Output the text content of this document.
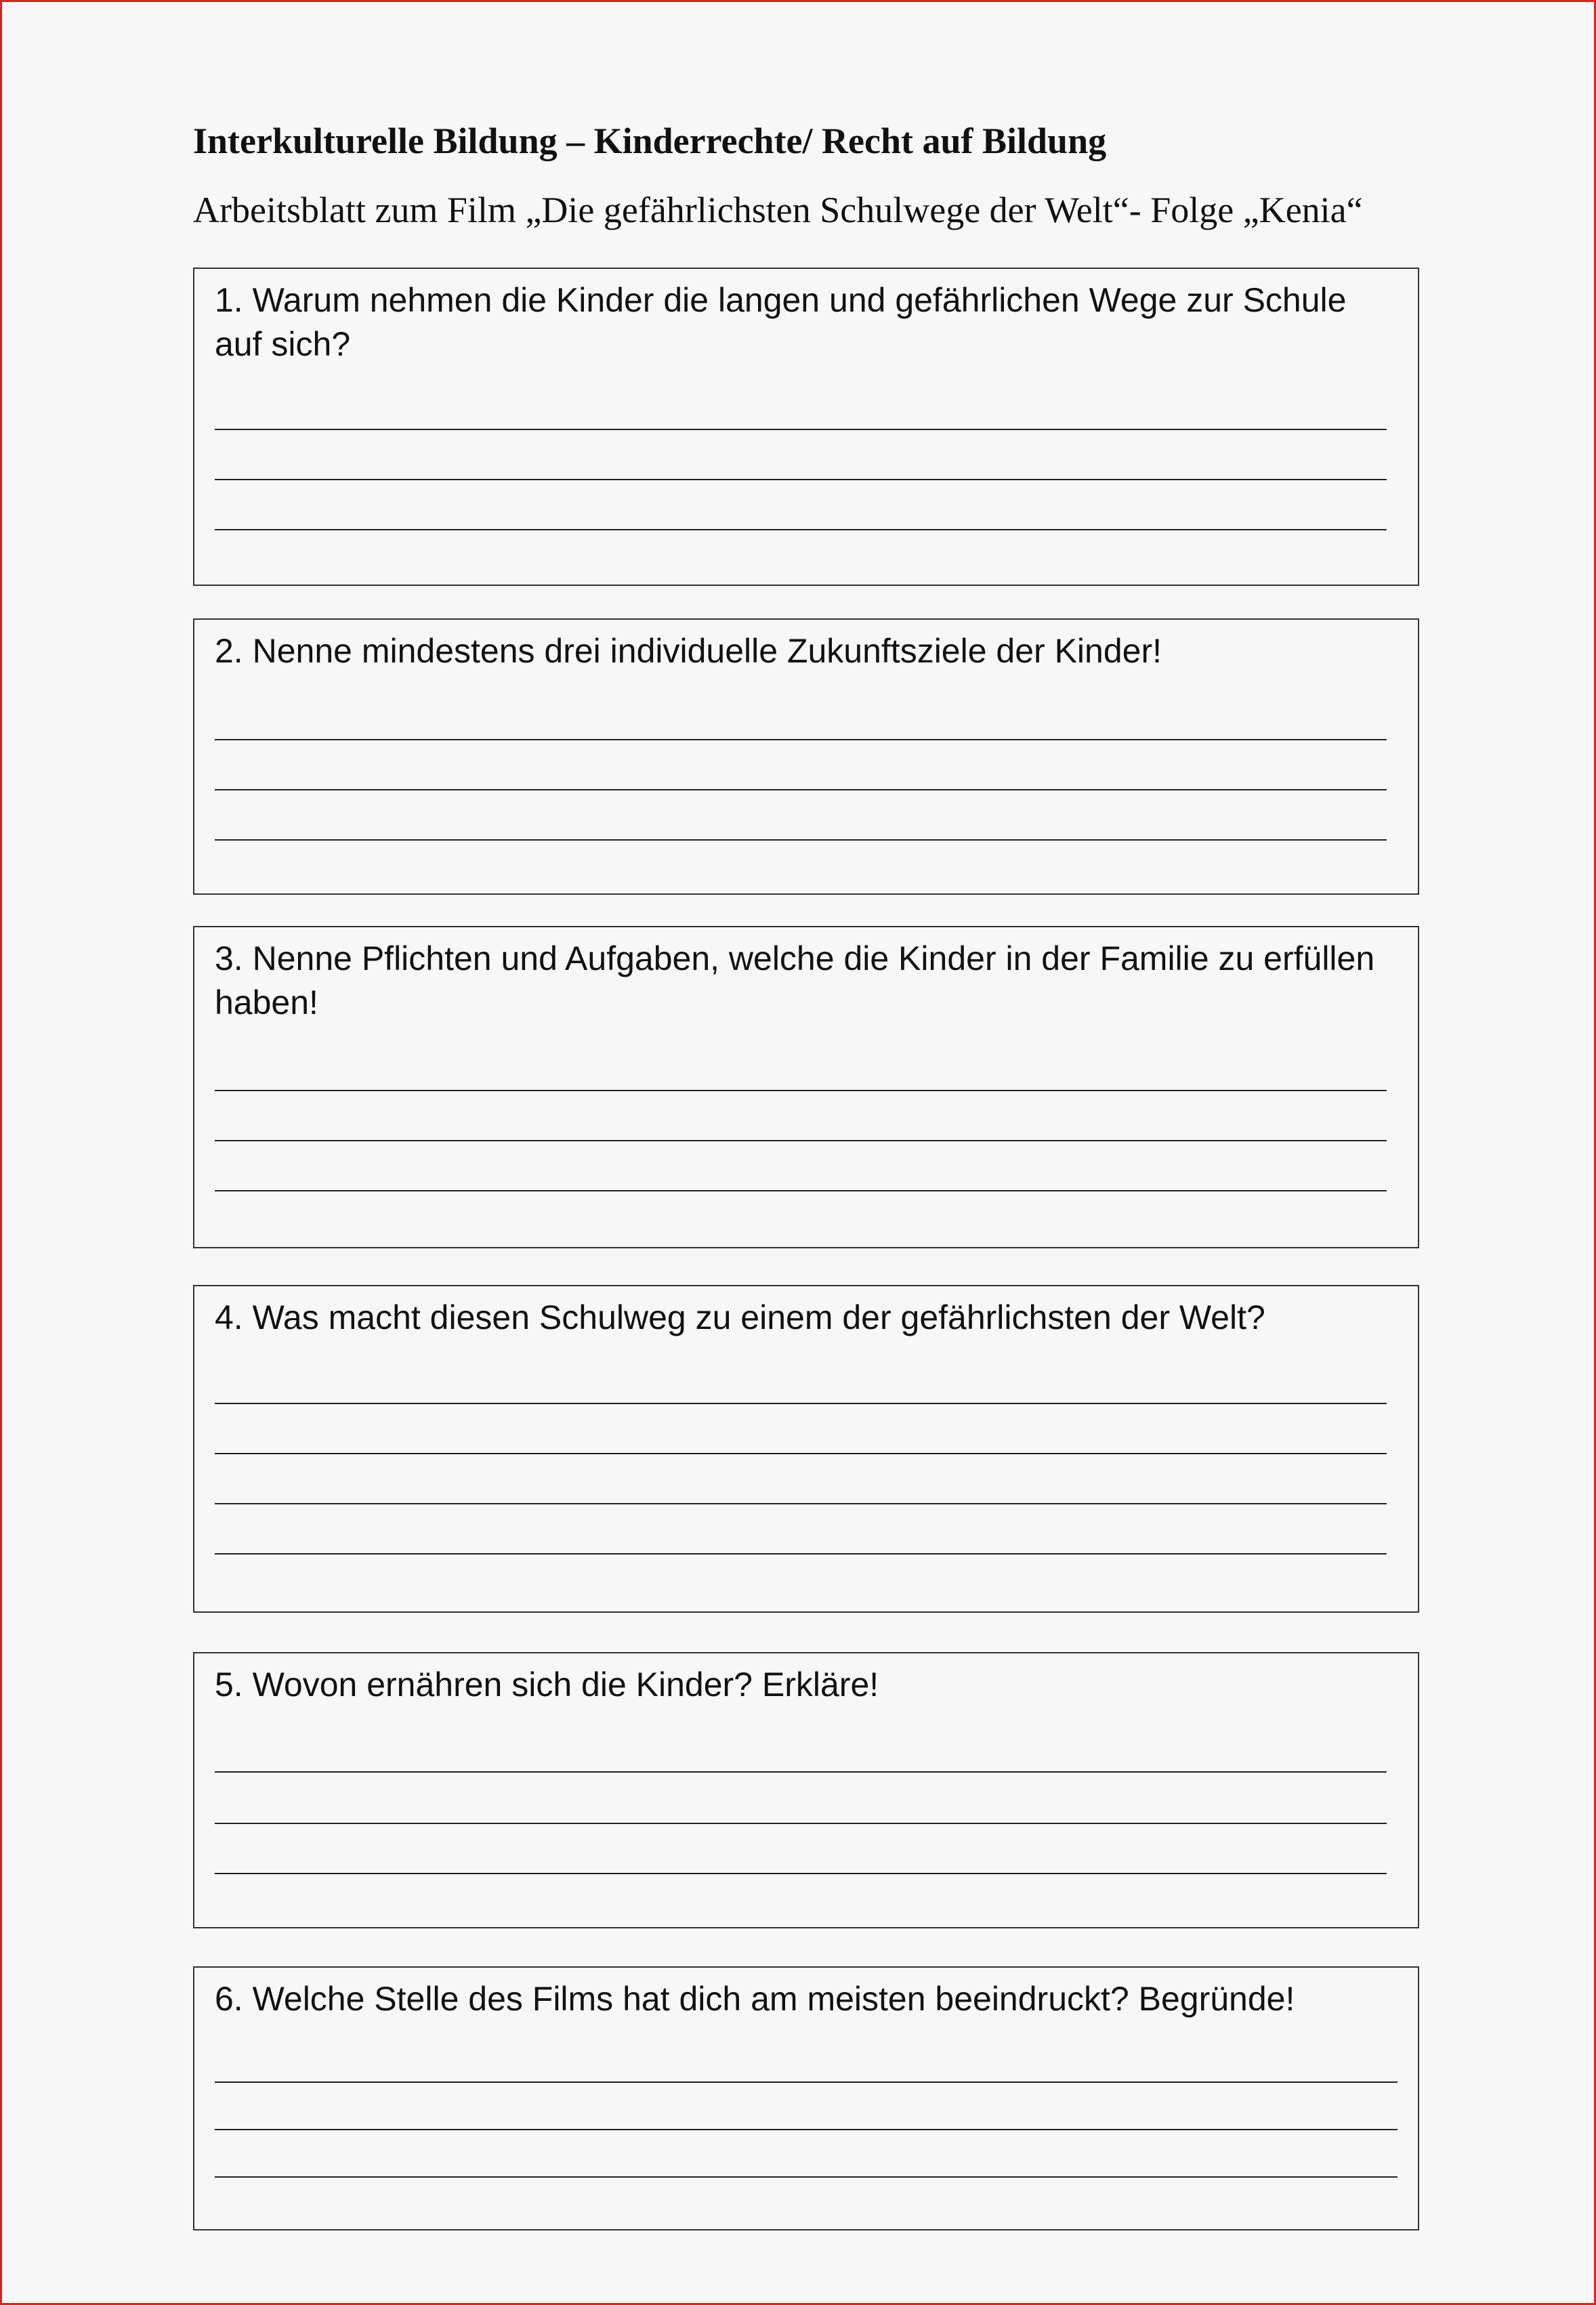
Interkulturelle Bildung – Kinderrechte/ Recht auf Bildung
Arbeitsblatt zum Film „Die gefährlichsten Schulwege der Welt“- Folge „Kenia“
1. Warum nehmen die Kinder die langen und gefährlichen Wege zur Schule auf sich?
2. Nenne mindestens drei individuelle Zukunftsziele der Kinder!
3. Nenne Pflichten und Aufgaben, welche die Kinder in der Familie zu erfüllen haben!
4. Was macht diesen Schulweg zu einem der gefährlichsten der Welt?
5. Wovon ernähren sich die Kinder? Erkläre!
6. Welche Stelle des Films hat dich am meisten beeindruckt? Begründe!
